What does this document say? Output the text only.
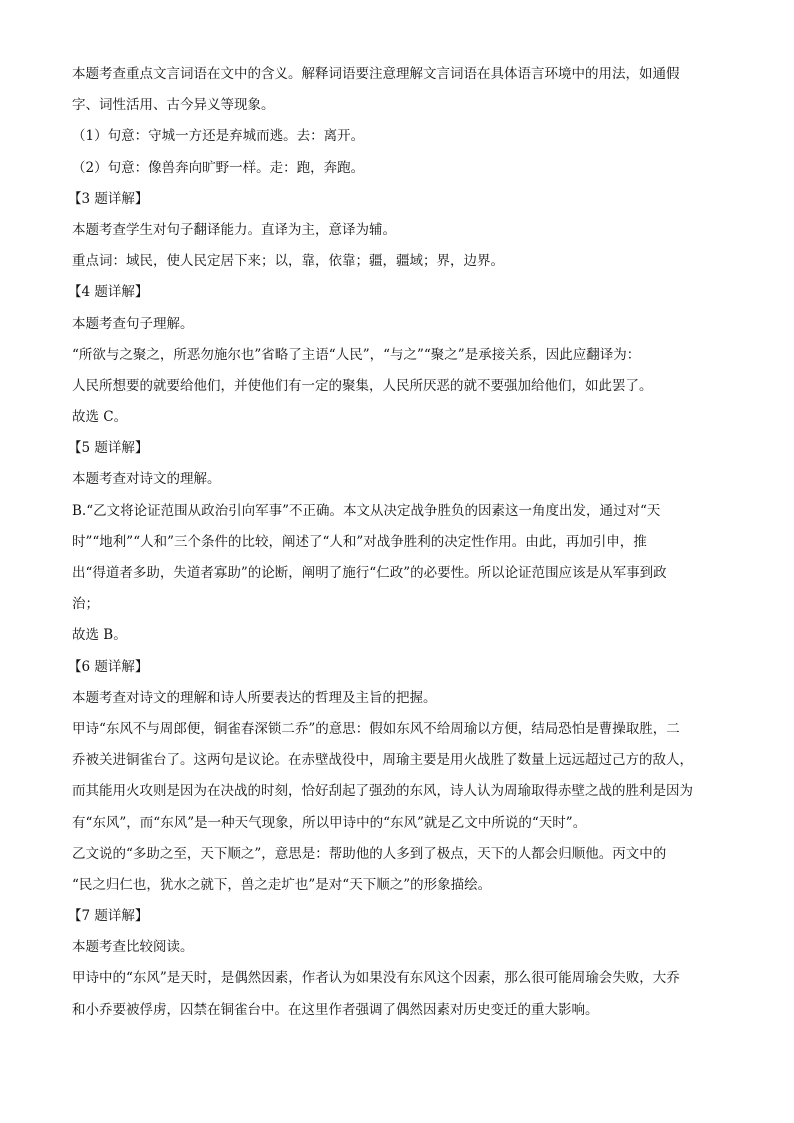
本题考查重点文言词语在文中的含义。解释词语要注意理解文言词语在具体语言环境中的用法，如通假

字、词性活用、古今异义等现象。

（1）句意：守城一方还是弃城而逃。去：离开。

（2）句意：像兽奔向旷野一样。走：跑，奔跑。

【3 题详解】

本题考查学生对句子翻译能力。直译为主，意译为辅。

重点词：域民，使人民定居下来；以，靠，依靠；疆，疆域；界，边界。

【4 题详解】

本题考查句子理解。

“所欲与之聚之，所恶勿施尔也”省略了主语“人民”，“与之”“聚之”是承接关系，因此应翻译为：

人民所想要的就要给他们，并使他们有一定的聚集，人民所厌恶的就不要强加给他们，如此罢了。

故选 C。

【5 题详解】

本题考查对诗文的理解。

B.“乙文将论证范围从政治引向军事”不正确。本文从决定战争胜负的因素这一角度出发，通过对“天

时”“地利”“人和”三个条件的比较，阐述了“人和”对战争胜利的决定性作用。由此，再加引申，推

出“得道者多助，失道者寡助”的论断，阐明了施行“仁政”的必要性。所以论证范围应该是从军事到政

治；

故选 B。

【6 题详解】

本题考查对诗文的理解和诗人所要表达的哲理及主旨的把握。

甲诗“东风不与周郎便，铜雀春深锁二乔”的意思：假如东风不给周瑜以方便，结局恐怕是曹操取胜，二

乔被关进铜雀台了。这两句是议论。在赤壁战役中，周瑜主要是用火战胜了数量上远远超过己方的敌人，

而其能用火攻则是因为在决战的时刻，恰好刮起了强劲的东风，诗人认为周瑜取得赤壁之战的胜利是因为

有“东风”，而“东风”是一种天气现象，所以甲诗中的“东风”就是乙文中所说的“天时”。

乙文说的“多助之至，天下顺之”，意思是：帮助他的人多到了极点，天下的人都会归顺他。丙文中的

“民之归仁也，犹水之就下，兽之走圹也”是对“天下顺之”的形象描绘。

【7 题详解】

本题考查比较阅读。

甲诗中的“东风”是天时，是偶然因素，作者认为如果没有东风这个因素，那么很可能周瑜会失败，大乔

和小乔要被俘虏，囚禁在铜雀台中。在这里作者强调了偶然因素对历史变迁的重大影响。
